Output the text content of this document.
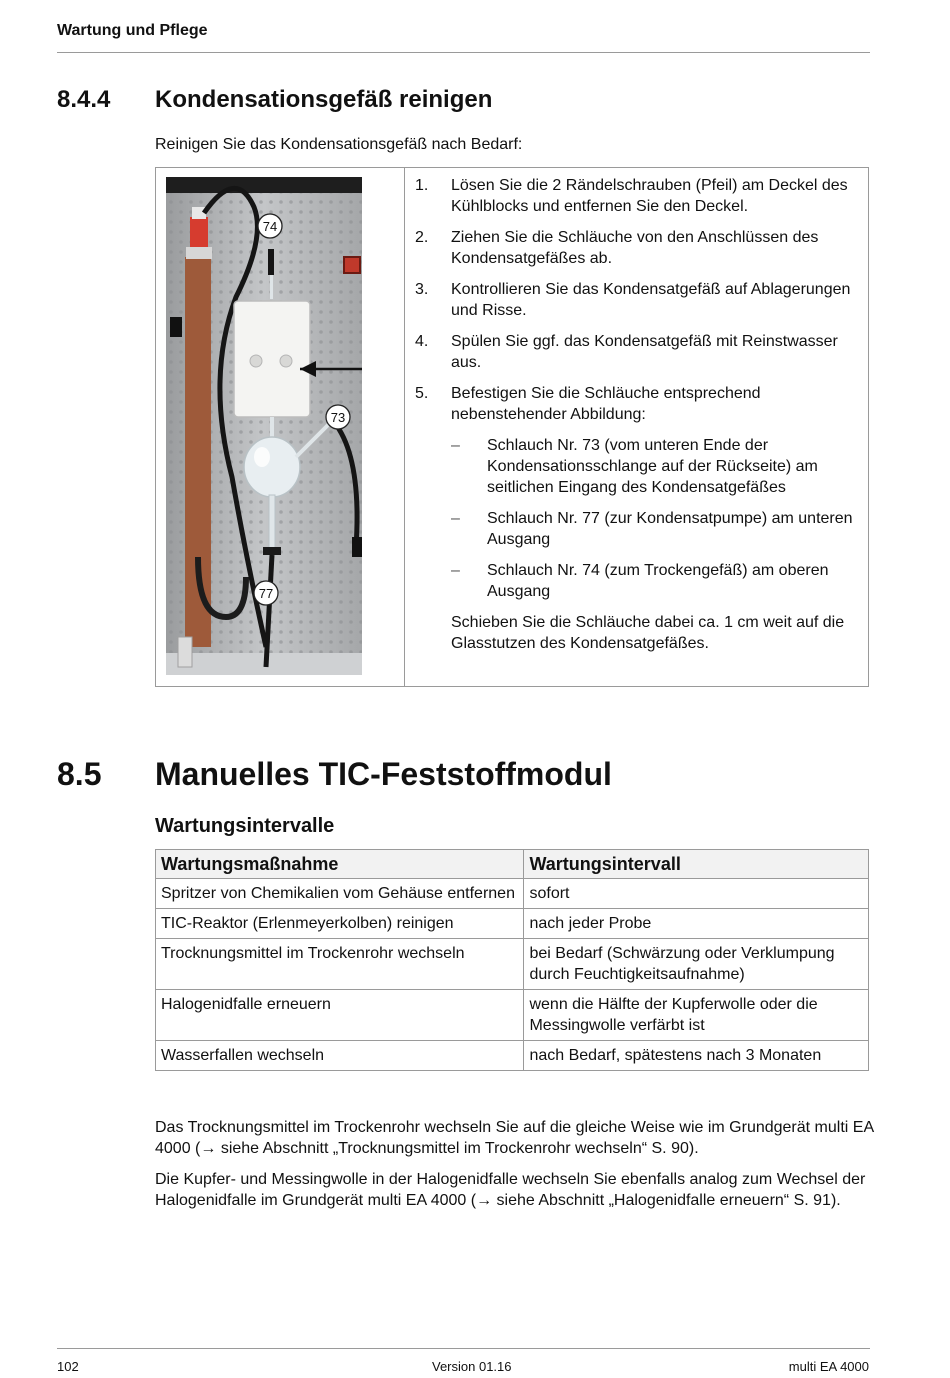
Wartung und Pflege
8.4.4 Kondensationsgefäß reinigen
Reinigen Sie das Kondensationsgefäß nach Bedarf:
74
73
77
1. Lösen Sie die 2 Rändelschrauben (Pfeil) am Deckel des Kühlblocks und entfernen Sie den Deckel.
2. Ziehen Sie die Schläuche von den Anschlüssen des Kondensatgefäßes ab.
3. Kontrollieren Sie das Kondensatgefäß auf Ablagerungen und Risse.
4. Spülen Sie ggf. das Kondensatgefäß mit Reinstwasser aus.
5. Befestigen Sie die Schläuche entsprechend nebenstehender Abbildung:
– Schlauch Nr. 73 (vom unteren Ende der Kondensationsschlange auf der Rückseite) am seitlichen Eingang des Kondensatgefäßes
– Schlauch Nr. 77 (zur Kondensatpumpe) am unteren Ausgang
– Schlauch Nr. 74 (zum Trockengefäß) am oberen Ausgang
Schieben Sie die Schläuche dabei ca. 1 cm weit auf die Glasstutzen des Kondensatgefäßes.
8.5 Manuelles TIC-Feststoffmodul
Wartungsintervalle
Wartungsmaßnahme	Wartungsintervall
Spritzer von Chemikalien vom Gehäuse entfernen	sofort
TIC-Reaktor (Erlenmeyerkolben) reinigen	nach jeder Probe
Trocknungsmittel im Trockenrohr wechseln	bei Bedarf (Schwärzung oder Verklumpung durch Feuchtigkeitsaufnahme)
Halogenidfalle erneuern	wenn die Hälfte der Kupferwolle oder die Messingwolle verfärbt ist
Wasserfallen wechseln	nach Bedarf, spätestens nach 3 Monaten
Das Trocknungsmittel im Trockenrohr wechseln Sie auf die gleiche Weise wie im Grundgerät multi EA 4000 (→ siehe Abschnitt „Trocknungsmittel im Trockenrohr wechseln“ S. 90).
Die Kupfer- und Messingwolle in der Halogenidfalle wechseln Sie ebenfalls analog zum Wechsel der Halogenidfalle im Grundgerät multi EA 4000 (→ siehe Abschnitt „Halogenidfalle erneuern“ S. 91).
102	Version 01.16	multi EA 4000
